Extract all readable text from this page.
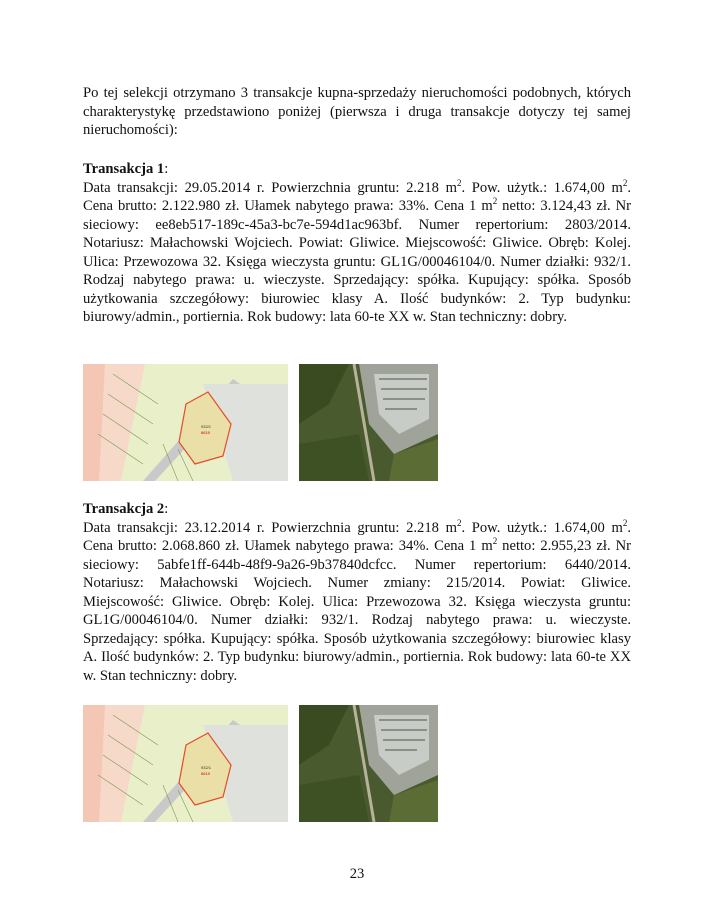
Po tej selekcji otrzymano 3 transakcje kupna-sprzedaży nieruchomości podobnych, których charakterystykę przedstawiono poniżej (pierwsza i druga transakcje dotyczy tej samej nieruchomości):

Transakcja 1:

Data transakcji: 29.05.2014 r. Powierzchnia gruntu: 2.218 $m^2$. Pow. użytk.: 1.674,00 $m^2$. Cena brutto: 2.122.980 zł. Ułamek nabytego prawa: 33%. Cena 1 $m^2$ netto: 3.124,43 zł. Nr sieciowy: ee8eb517-189c-45a3-bc7e-594d1ac963bf. Numer repertorium: 2803/2014. Notariusz: Małachowski Wojciech. Powiat: Gliwice. Miejscowość: Gliwice. Obręb: Kolej. Ulica: Przewozowa 32. Księga wieczysta gruntu: GL1G/00046104/0. Numer działki: 932/1. Rodzaj nabytego prawa: u. wieczyste. Sprzedający: spółka. Kupujący: spółka. Sposób użytkowania szczegółowy: biurowiec klasy A. Ilość budynków: 2. Typ budynku: biurowy/admin., portiernia. Rok budowy: lata 60-te XX w. Stan techniczny: dobry.

932/1
6619

Transakcja 2:

Data transakcji: 23.12.2014 r. Powierzchnia gruntu: 2.218 $m^2$. Pow. użytk.: 1.674,00 $m^2$. Cena brutto: 2.068.860 zł. Ułamek nabytego prawa: 34%. Cena 1 $m^2$ netto: 2.955,23 zł. Nr sieciowy: 5abfe1ff-644b-48f9-9a26-9b37840dcfcc. Numer repertorium: 6440/2014. Notariusz: Małachowski Wojciech. Numer zmiany: 215/2014. Powiat: Gliwice. Miejscowość: Gliwice. Obręb: Kolej. Ulica: Przewozowa 32. Księga wieczysta gruntu: GL1G/00046104/0. Numer działki: 932/1. Rodzaj nabytego prawa: u. wieczyste. Sprzedający: spółka. Kupujący: spółka. Sposób użytkowania szczegółowy: biurowiec klasy A. Ilość budynków: 2. Typ budynku: biurowy/admin., portiernia. Rok budowy: lata 60-te XX w. Stan techniczny: dobry.

932/1
6619
23
